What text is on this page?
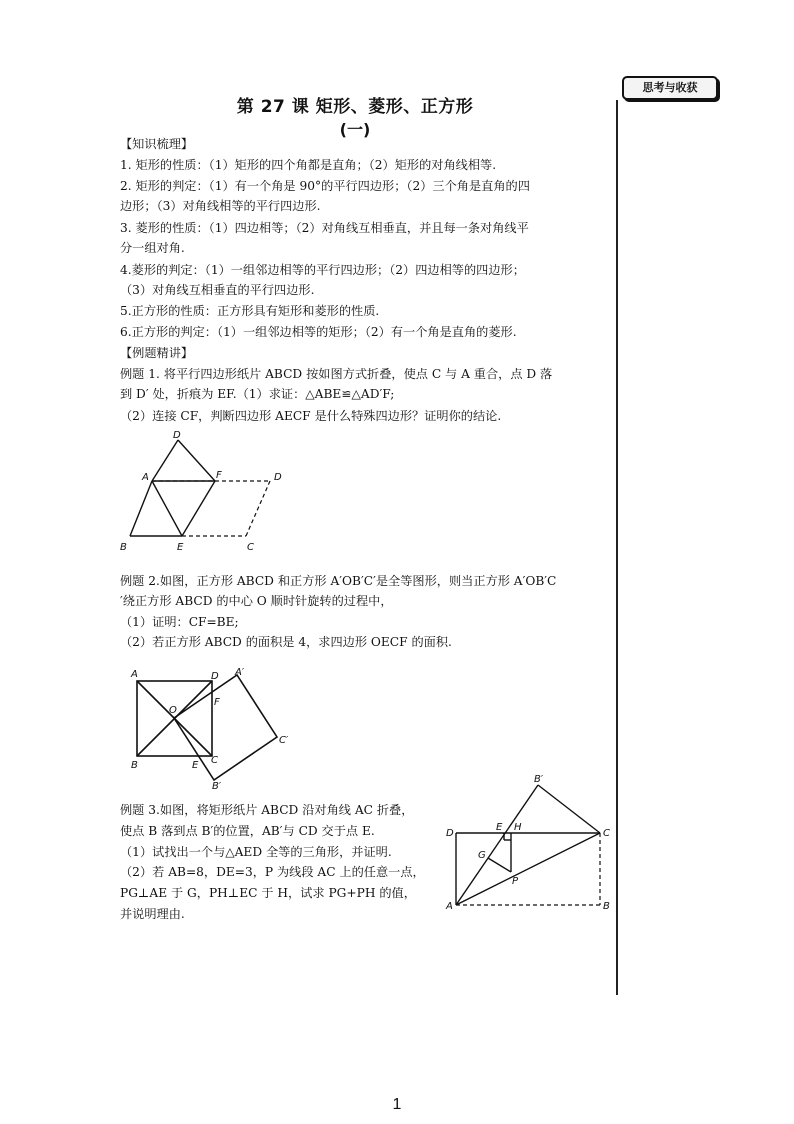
第 27 课 矩形、菱形、正方形
(一)
思考与收获
【知识梳理】
1. 矩形的性质：（1）矩形的四个角都是直角；（2）矩形的对角线相等.
2. 矩形的判定：（1）有一个角是 90°的平行四边形；（2）三个角是直角的四
边形；（3）对角线相等的平行四边形.
3. 菱形的性质：（1）四边相等；（2）对角线互相垂直，并且每一条对角线平
分一组对角.
4.菱形的判定：（1）一组邻边相等的平行四边形；（2）四边相等的四边形；
（3）对角线互相垂直的平行四边形.
5.正方形的性质：正方形具有矩形和菱形的性质.
6.正方形的判定：（1）一组邻边相等的矩形；（2）有一个角是直角的菱形.
【例题精讲】
例题 1. 将平行四边形纸片 ABCD 按如图方式折叠，使点 C 与 A 重合，点 D 落
到 D′ 处，折痕为 EF.（1）求证：△ABE≌△AD′F;
（2）连接 CF，判断四边形 AECF 是什么特殊四边形？证明你的结论.
D
A	F	D
B	E	C
例题 2.如图，正方形 ABCD 和正方形 A′OB′C′是全等图形，则当正方形 A′OB′C
′绕正方形 ABCD 的中心 O 顺时针旋转的过程中，
（1）证明：CF=BE;
（2）若正方形 ABCD 的面积是 4，求四边形 OECF 的面积.
A	D A′
F
O
C′
B	E C
B′
例题 3.如图，将矩形纸片 ABCD 沿对角线 AC 折叠，
使点 B 落到点 B′的位置，AB′与 CD 交于点 E.
（1）试找出一个与△AED 全等的三角形，并证明.
（2）若 AB=8，DE=3，P 为线段 AC 上的任意一点，
PG⊥AE 于 G，PH⊥EC 于 H，试求 PG+PH 的值，
并说明理由.
B′
D
E H
C
G
P
A	B
1
